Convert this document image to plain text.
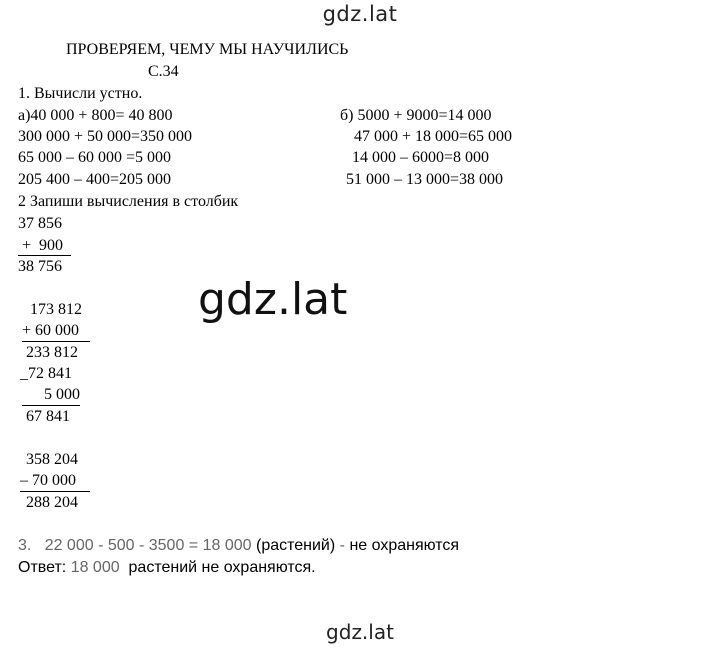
gdz.lat
gdz.lat
gdz.lat
ПРОВЕРЯЕМ, ЧЕМУ МЫ НАУЧИЛИСЬ
С.34
1. Вычисли устно.
а)40 000 + 800= 40 800
300 000 + 50 000=350 000
65 000 – 60 000 =5 000
205 400 – 400=205 000
б) 5000 + 9000=14 000
47 000 + 18 000=65 000
14 000 – 6000=8 000
51 000 – 13 000=38 000
2 Запиши вычисления в столбик
37 856
+  900
38 756
173 812
+ 60 000
233 812
_72 841
5 000
67 841
358 204
– 70 000
288 204
3. 22 000 - 500 - 3500 = 18 000 (растений) - не охраняются
Ответ: 18 000 растений не охраняются.
